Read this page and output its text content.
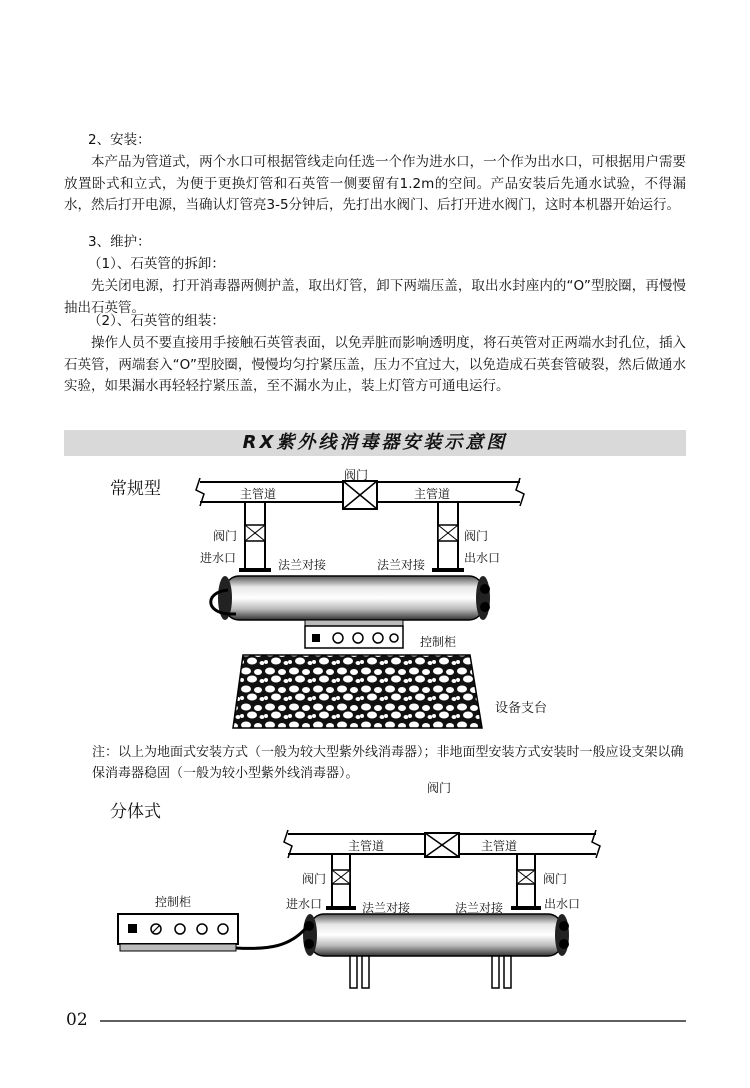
2、安装：

本产品为管道式，两个水口可根据管线走向任选一个作为进水口，一个作为出水口，可根据用户需要放置卧式和立式，为便于更换灯管和石英管一侧要留有1.2m的空间。产品安装后先通水试验，不得漏水，然后打开电源，当确认灯管亮3-5分钟后，先打出水阀门、后打开进水阀门，这时本机器开始运行。

3、维护：

（1）、石英管的拆卸：

先关闭电源，打开消毒器两侧护盖，取出灯管，卸下两端压盖，取出水封座内的“O”型胶圈，再慢慢抽出石英管。

（2）、石英管的组装：

操作人员不要直接用手接触石英管表面，以免弄脏而影响透明度，将石英管对正两端水封孔位，插入石英管，两端套入“O”型胶圈，慢慢均匀拧紧压盖，压力不宜过大，以免造成石英套管破裂，然后做通水实验，如果漏水再轻轻拧紧压盖，至不漏水为止，装上灯管方可通电运行。

RX紫外线消毒器安装示意图
常规型
阀门
主管道	主管道
阀门	阀门
进水口	出水口
法兰对接	法兰对接
控制柜
设备支台

注：以上为地面式安装方式（一般为较大型紫外线消毒器）；非地面型安装方式安装时一般应设支架以确保消毒器稳固（一般为较小型紫外线消毒器）。

阀门
分体式
主管道	主管道
阀门	阀门
进水口	出水口
法兰对接	法兰对接
控制柜
02
